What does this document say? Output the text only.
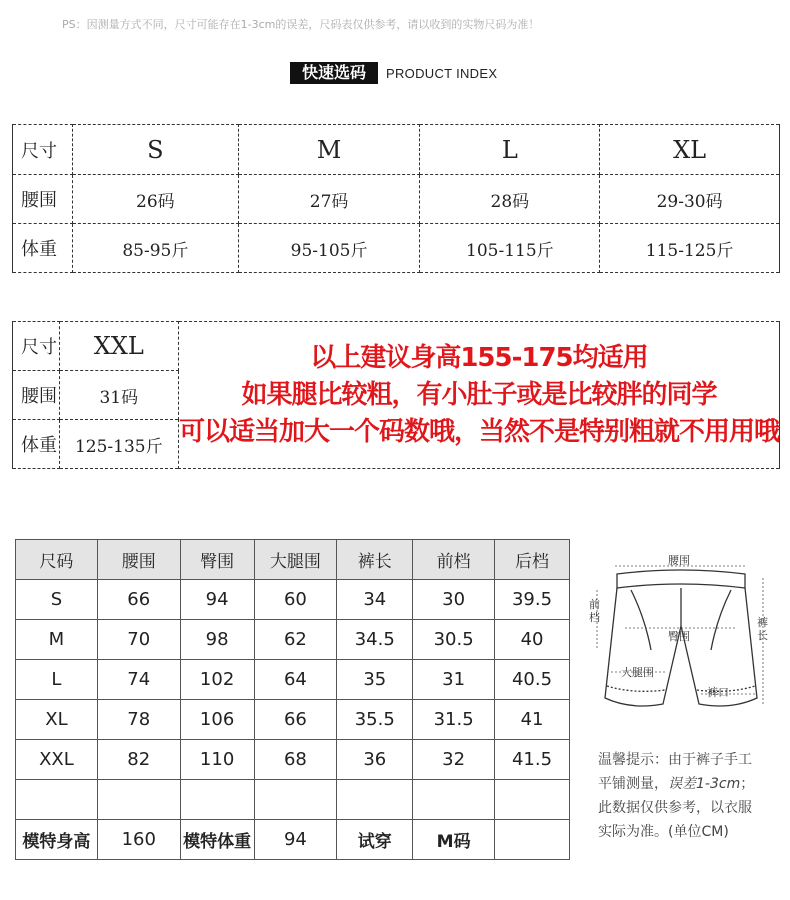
PS：因测量方式不同，尺寸可能存在1-3cm的误差，尺码表仅供参考，请以收到的实物尺码为准！
快速选码	PRODUCT INDEX
尺寸	S	M	L	XL
腰围	26码	27码	28码	29-30码
体重	85-95斤	95-105斤	105-115斤	115-125斤
尺寸	XXL	以上建议身高155-175均适用
如果腿比较粗，有小肚子或是比较胖的同学
可以适当加大一个码数哦，当然不是特别粗就不用用哦

腰围	31码	
体重	125-135斤	
尺码	腰围	臀围	大腿围	裤长	前档	后档
S	66	94	60	34	30	39.5
M	70	98	62	34.5	30.5	40
L	74	102	64	35	31	40.5
XL	78	106	66	35.5	31.5	41
XXL	82	110	68	36	32	41.5

模特身高	160	模特体重	94	试穿	M码	
腰围
前档
臀围
裤长
大腿围
裤口
温馨提示：由于裤子手工
平铺测量，误差1-3cm；
此数据仅供参考，以衣服
实际为准。(单位CM)
